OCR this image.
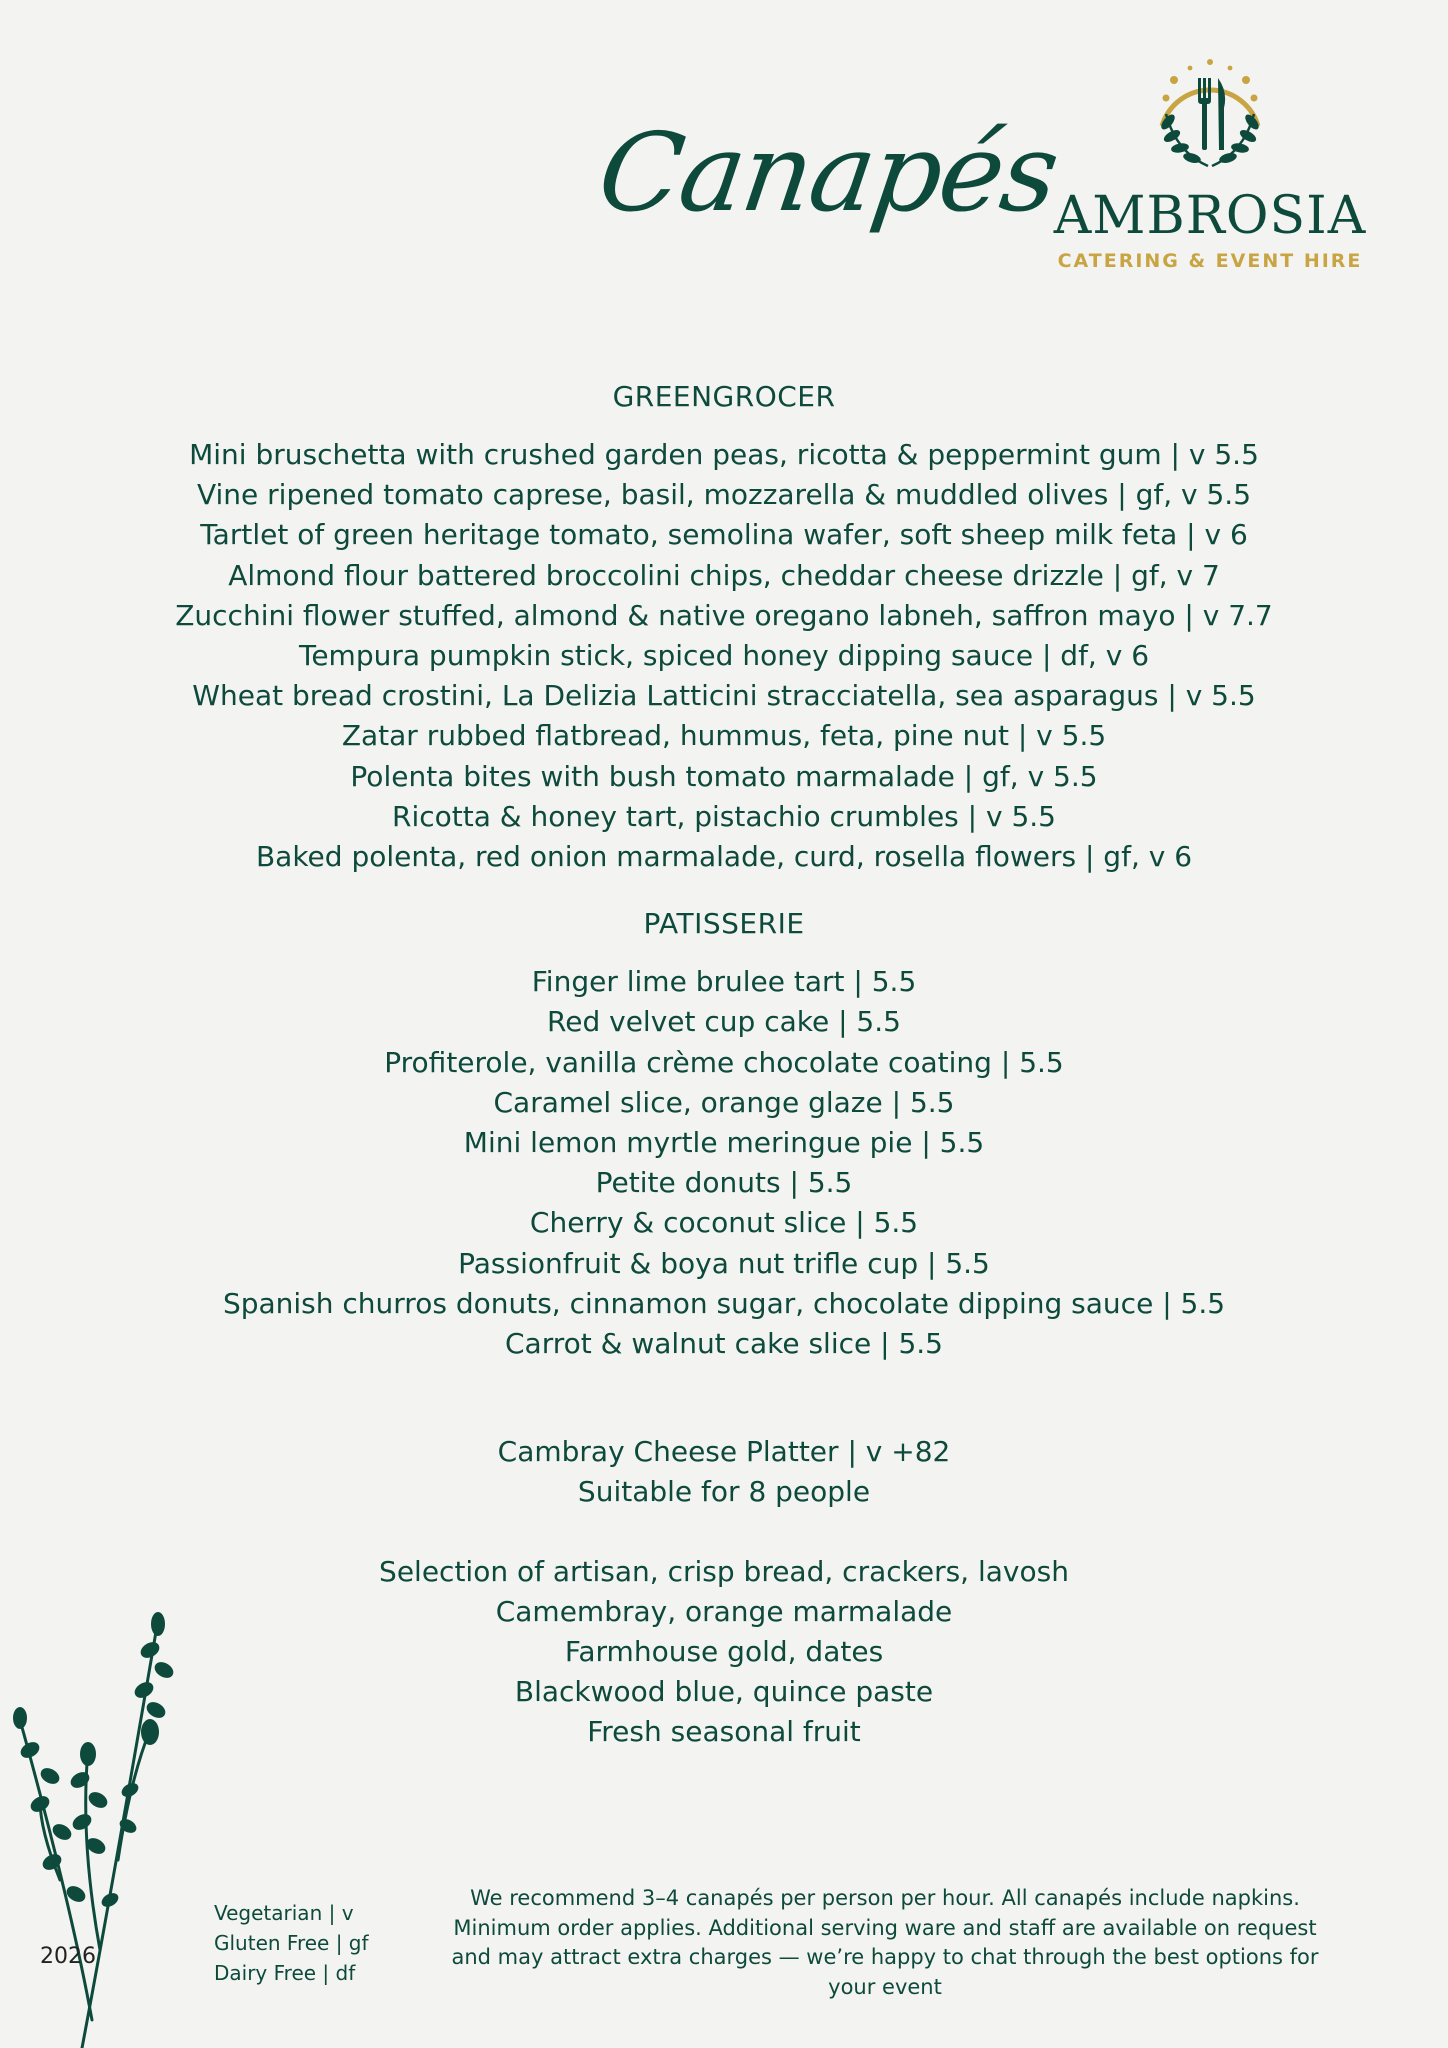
Canapés
AMBROSIA
CATERING & EVENT HIRE
GREENGROCER
Mini bruschetta with crushed garden peas, ricotta & peppermint gum | v 5.5
Vine ripened tomato caprese, basil, mozzarella & muddled olives | gf, v 5.5
Tartlet of green heritage tomato, semolina wafer, soft sheep milk feta | v 6
Almond flour battered broccolini chips, cheddar cheese drizzle | gf, v 7
Zucchini flower stuffed, almond & native oregano labneh, saffron mayo | v 7.7
Tempura pumpkin stick, spiced honey dipping sauce | df, v 6
Wheat bread crostini, La Delizia Latticini stracciatella, sea asparagus | v 5.5
Zatar rubbed flatbread, hummus, feta, pine nut | v 5.5
Polenta bites with bush tomato marmalade | gf, v 5.5
Ricotta & honey tart, pistachio crumbles | v 5.5
Baked polenta, red onion marmalade, curd, rosella flowers | gf, v 6
PATISSERIE
Finger lime brulee tart | 5.5
Red velvet cup cake | 5.5
Profiterole, vanilla crème chocolate coating | 5.5
Caramel slice, orange glaze | 5.5
Mini lemon myrtle meringue pie | 5.5
Petite donuts | 5.5
Cherry & coconut slice | 5.5
Passionfruit & boya nut trifle cup | 5.5
Spanish churros donuts, cinnamon sugar, chocolate dipping sauce | 5.5
Carrot & walnut cake slice | 5.5
Cambray Cheese Platter | v +82
Suitable for 8 people
Selection of artisan, crisp bread, crackers, lavosh
Camembray, orange marmalade
Farmhouse gold, dates
Blackwood blue, quince paste
Fresh seasonal fruit
2026
Vegetarian | v
Gluten Free | gf
Dairy Free | df
We recommend 3–4 canapés per person per hour. All canapés include napkins. Minimum order applies. Additional serving ware and staff are available on request and may attract extra charges — we’re happy to chat through the best options for your event
